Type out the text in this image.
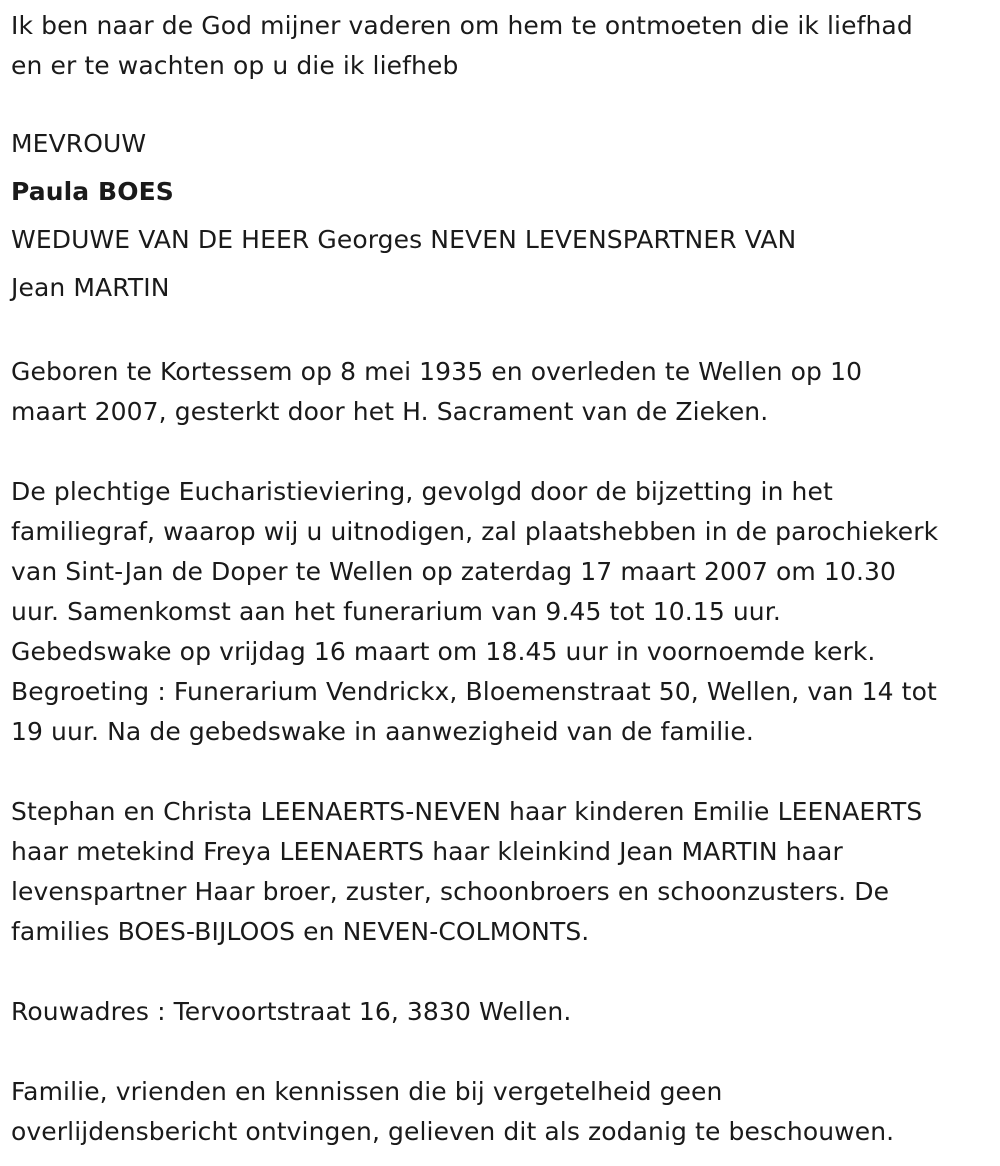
Ik ben naar de God mijner vaderen om hem te ontmoeten die ik liefhad
en er te wachten op u die ik liefheb

MEVROUW
Paula BOES
WEDUWE VAN DE HEER Georges NEVEN LEVENSPARTNER VAN
Jean MARTIN

Geboren te Kortessem op 8 mei 1935 en overleden te Wellen op 10
maart 2007, gesterkt door het H. Sacrament van de Zieken.

De plechtige Eucharistieviering, gevolgd door de bijzetting in het
familiegraf, waarop wij u uitnodigen, zal plaatshebben in de parochiekerk
van Sint-Jan de Doper te Wellen op zaterdag 17 maart 2007 om 10.30
uur. Samenkomst aan het funerarium van 9.45 tot 10.15 uur.
Gebedswake op vrijdag 16 maart om 18.45 uur in voornoemde kerk.
Begroeting : Funerarium Vendrickx, Bloemenstraat 50, Wellen, van 14 tot
19 uur. Na de gebedswake in aanwezigheid van de familie.

Stephan en Christa LEENAERTS-NEVEN haar kinderen Emilie LEENAERTS
haar metekind Freya LEENAERTS haar kleinkind Jean MARTIN haar
levenspartner Haar broer, zuster, schoonbroers en schoonzusters. De
families BOES-BIJLOOS en NEVEN-COLMONTS.

Rouwadres : Tervoortstraat 16, 3830 Wellen.

Familie, vrienden en kennissen die bij vergetelheid geen
overlijdensbericht ontvingen, gelieven dit als zodanig te beschouwen.
